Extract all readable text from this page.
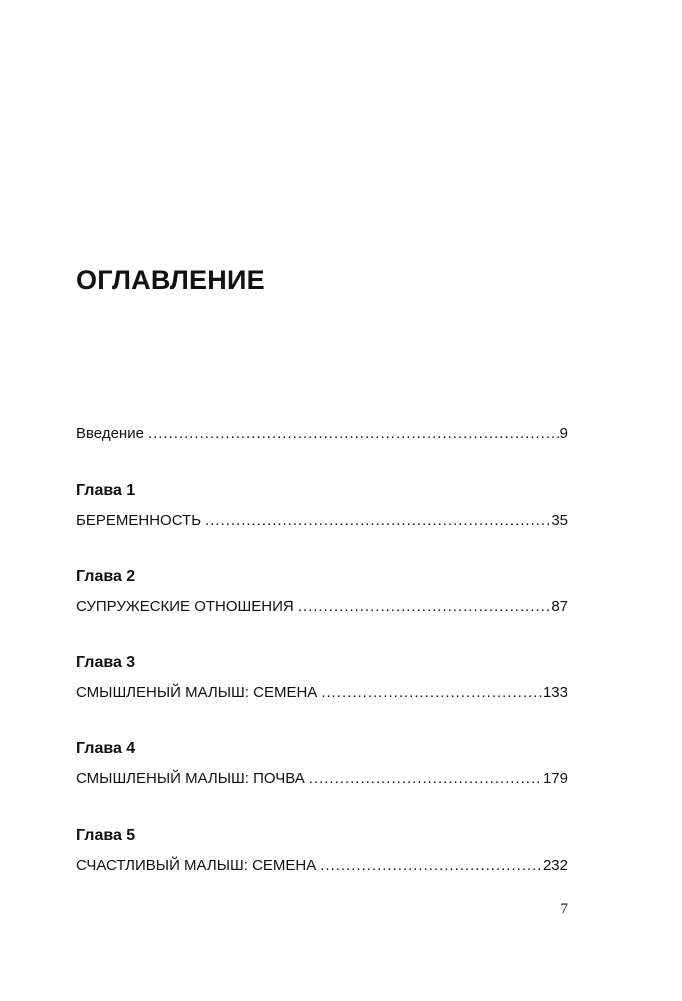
ОГЛАВЛЕНИЕ
Введение .....	9
Глава 1
БЕРЕМЕННОСТЬ .....	35
Глава 2
СУПРУЖЕСКИЕ ОТНОШЕНИЯ .....	87
Глава 3
СМЫШЛЕНЫЙ МАЛЫШ: СЕМЕНА .....	133
Глава 4
СМЫШЛЕНЫЙ МАЛЫШ: ПОЧВА .....	179
Глава 5
СЧАСТЛИВЫЙ МАЛЫШ: СЕМЕНА .....	232
7
